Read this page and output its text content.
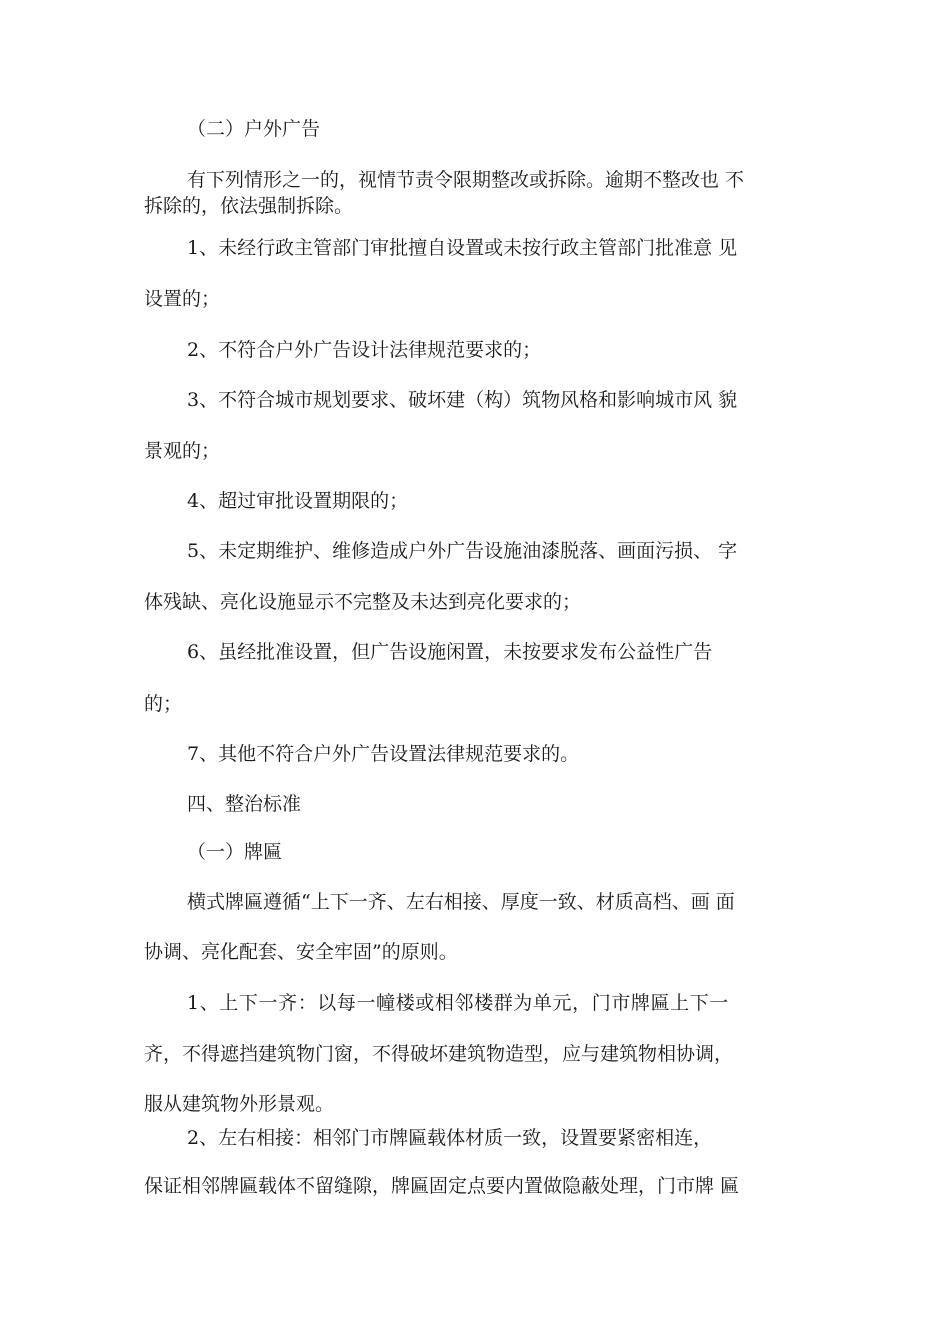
（二）户外广告

有下列情形之一的，视情节责令限期整改或拆除。逾期不整改也 不

拆除的，依法强制拆除。

1、未经行政主管部门审批擅自设置或未按行政主管部门批准意 见

设置的；

2、不符合户外广告设计法律规范要求的；

3、不符合城市规划要求、破坏建（构）筑物风格和影响城市风 貌

景观的；

4、超过审批设置期限的；

5、未定期维护、维修造成户外广告设施油漆脱落、画面污损、 字

体残缺、亮化设施显示不完整及未达到亮化要求的；

6、虽经批准设置，但广告设施闲置，未按要求发布公益性广告

的；

7、其他不符合户外广告设置法律规范要求的。

四、整治标准

（一）牌匾

横式牌匾遵循“上下一齐、左右相接、厚度一致、材质高档、画 面

协调、亮化配套、安全牢固”的原则。

1、上下一齐：以每一幢楼或相邻楼群为单元，门市牌匾上下一

齐，不得遮挡建筑物门窗，不得破坏建筑物造型，应与建筑物相协调，

服从建筑物外形景观。

2、左右相接：相邻门市牌匾载体材质一致，设置要紧密相连，

保证相邻牌匾载体不留缝隙，牌匾固定点要内置做隐蔽处理，门市牌 匾
